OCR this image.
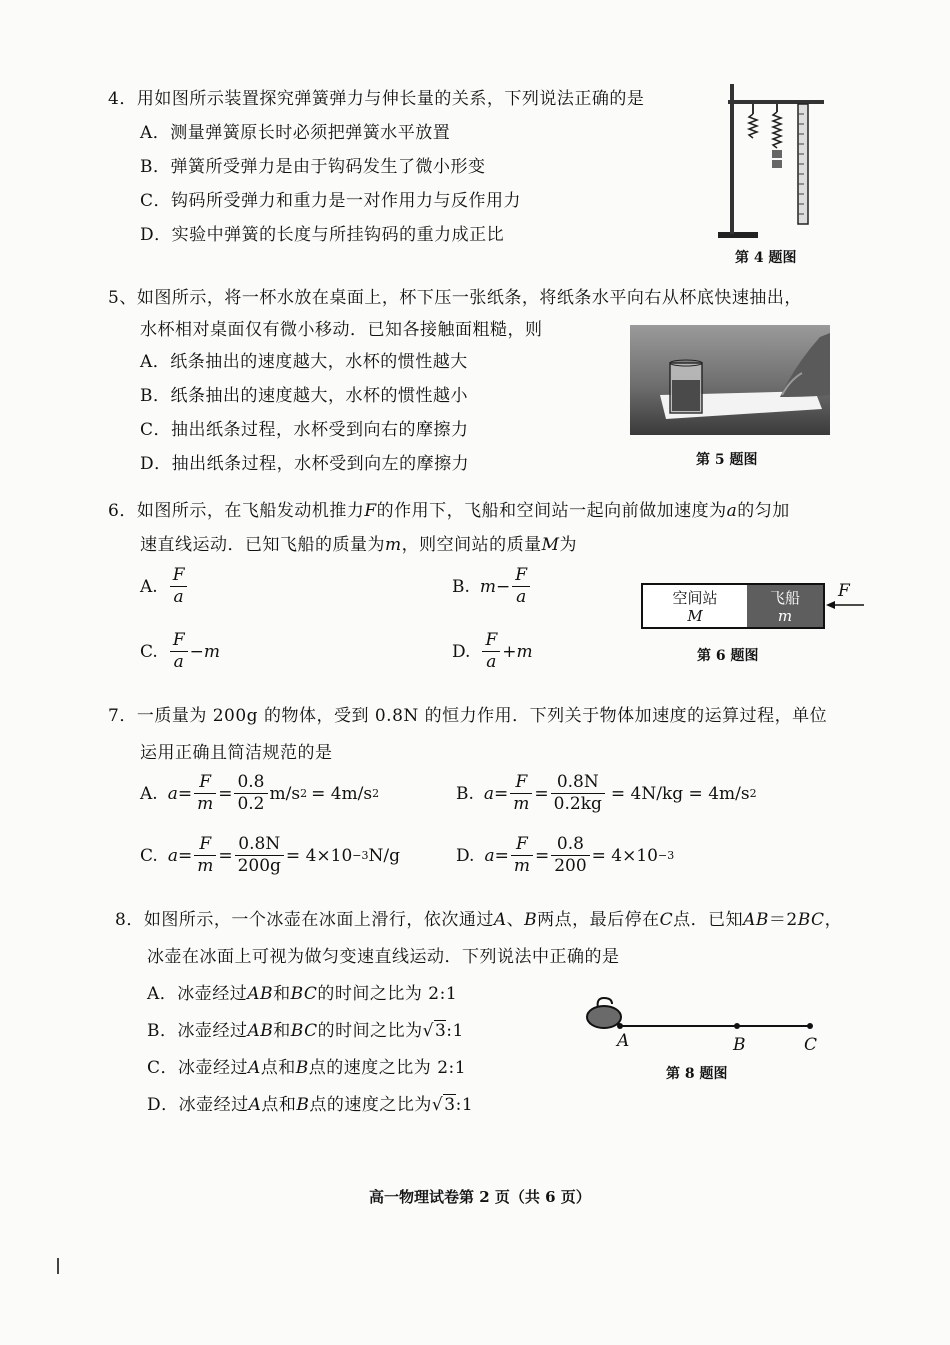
4．用如图所示装置探究弹簧弹力与伸长量的关系，下列说法正确的是
A．测量弹簧原长时必须把弹簧水平放置
B．弹簧所受弹力是由于钩码发生了微小形变
C．钩码所受弹力和重力是一对作用力与反作用力
D．实验中弹簧的长度与所挂钩码的重力成正比
第 4 题图
5、如图所示，将一杯水放在桌面上，杯下压一张纸条，将纸条水平向右从杯底快速抽出，
水杯相对桌面仅有微小移动．已知各接触面粗糙，则
A．纸条抽出的速度越大，水杯的惯性越大
B．纸条抽出的速度越大，水杯的惯性越小
C．抽出纸条过程，水杯受到向右的摩擦力
D．抽出纸条过程，水杯受到向左的摩擦力	第 5 题图
6．如图所示，在飞船发动机推力F的作用下，飞船和空间站一起向前做加速度为a的匀加
速直线运动．已知飞船的质量为m，则空间站的质量M为
A. $\frac{F}{a}$	B. $m - \frac{F}{a}$
C. $\frac{F}{a} - m$	D. $\frac{F}{a} + m$
空间站
M
飞船
m
F
第 6 题图
7．一质量为 200g 的物体，受到 0.8N 的恒力作用．下列关于物体加速度的运算过程，单位
运用正确且简洁规范的是
A. $a = \frac{F}{m} = \frac{0.8}{0.2} m/s$ 2 = 4m/s 2	B. $a = \frac{F}{m} = \frac{0.8N}{0.2kg} = 4N/kg = 4m/s$ 2
C. $a = \frac{F}{m} = \frac{0.8N}{200g} = 4\times 10 -3$ N/g	D. $a = \frac{F}{m} = \frac{0.8}{200} = 4\times 10 -3$
8．如图所示，一个冰壶在冰面上滑行，依次通过A、B两点，最后停在C点．已知AB＝2BC，
冰壶在冰面上可视为做匀变速直线运动．下列说法中正确的是
A．冰壶经过AB和BC的时间之比为 2:1
B．冰壶经过AB和BC的时间之比为√3:1
C．冰壶经过A点和B点的速度之比为 2:1
D．冰壶经过A点和B点的速度之比为√3:1
A	B	C
第 8 题图
高一物理试卷第 2 页（共 6 页）
